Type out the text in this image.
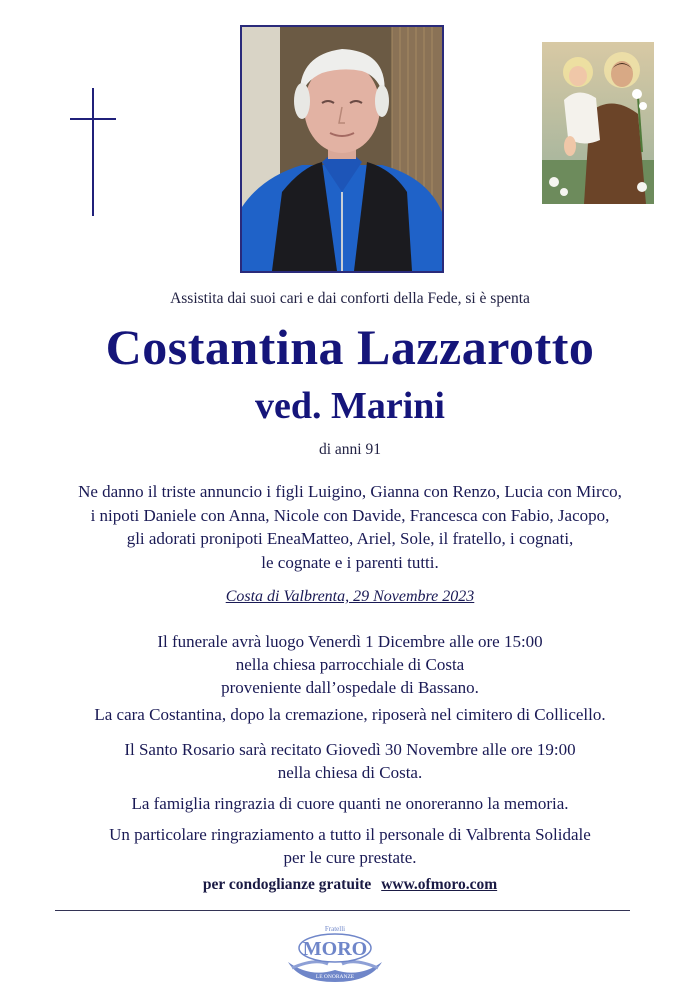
Assistita dai suoi cari e dai conforti della Fede, si è spenta
Costantina Lazzarotto
ved. Marini
di anni 91
Ne danno il triste annuncio i figli Luigino, Gianna con Renzo, Lucia con Mirco,
i nipoti Daniele con Anna, Nicole con Davide, Francesca con Fabio, Jacopo,
gli adorati pronipoti EneaMatteo, Ariel, Sole, il fratello, i cognati,
le cognate e i parenti tutti.
Costa di Valbrenta, 29 Novembre 2023
Il funerale avrà luogo Venerdì 1 Dicembre alle ore 15:00
nella chiesa parrocchiale di Costa
proveniente dall’ospedale di Bassano.
La cara Costantina, dopo la cremazione, riposerà nel cimitero di Collicello.
Il Santo Rosario sarà recitato Giovedì 30 Novembre alle ore 19:00
nella chiesa di Costa.
La famiglia ringrazia di cuore quanti ne onoreranno la memoria.
Un particolare ringraziamento a tutto il personale di Valbrenta Solidale
per le cure prestate.
per condoglianze gratuite www.ofmoro.com
Fratelli
MORO
LE ONORANZE
